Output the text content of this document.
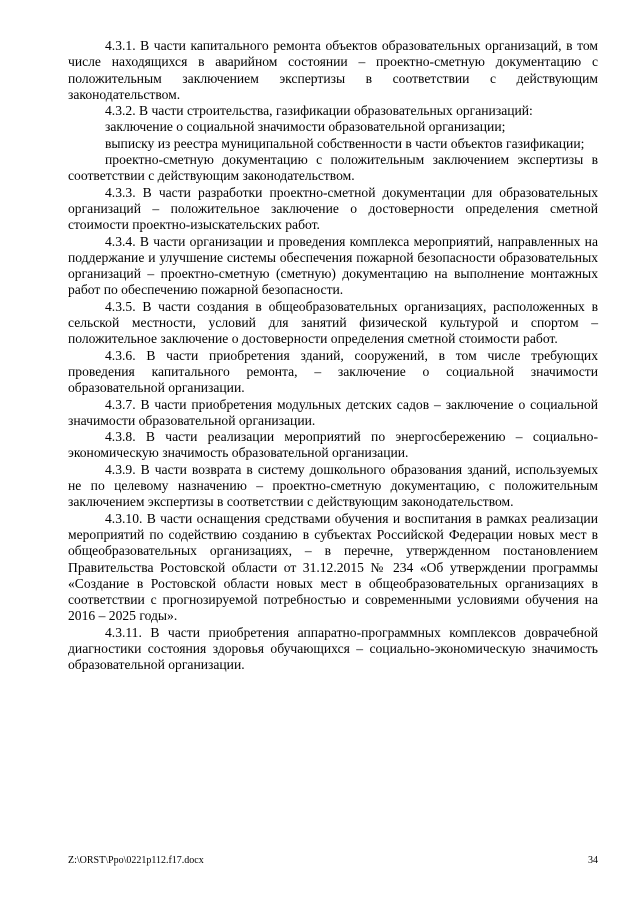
4.3.1. В части капитального ремонта объектов образовательных организаций, в том числе находящихся в аварийном состоянии – проектно-сметную документацию с положительным заключением экспертизы в соответствии с действующим законодательством.

4.3.2. В части строительства, газификации образовательных организаций:

заключение о социальной значимости образовательной организации;

выписку из реестра муниципальной собственности в части объектов газификации;

проектно-сметную документацию с положительным заключением экспертизы в соответствии с действующим законодательством.

4.3.3. В части разработки проектно-сметной документации для образовательных организаций – положительное заключение о достоверности определения сметной стоимости проектно-изыскательских работ.

4.3.4. В части организации и проведения комплекса мероприятий, направленных на поддержание и улучшение системы обеспечения пожарной безопасности образовательных организаций – проектно-сметную (сметную) документацию на выполнение монтажных работ по обеспечению пожарной безопасности.

4.3.5. В части создания в общеобразовательных организациях, расположенных в сельской местности, условий для занятий физической культурой и спортом – положительное заключение о достоверности определения сметной стоимости работ.

4.3.6. В части приобретения зданий, сооружений, в том числе требующих проведения капитального ремонта, – заключение о социальной значимости образовательной организации.

4.3.7. В части приобретения модульных детских садов – заключение о социальной значимости образовательной организации.

4.3.8. В части реализации мероприятий по энергосбережению – социально-экономическую значимость образовательной организации.

4.3.9. В части возврата в систему дошкольного образования зданий, используемых не по целевому назначению – проектно-сметную документацию, с положительным заключением экспертизы в соответствии с действующим законодательством.

4.3.10. В части оснащения средствами обучения и воспитания в рамках реализации мероприятий по содействию созданию в субъектах Российской Федерации новых мест в общеобразовательных организациях, – в перечне, утвержденном постановлением Правительства Ростовской области от 31.12.2015 № 234 «Об утверждении программы «Создание в Ростовской области новых мест в общеобразовательных организациях в соответствии с прогнозируемой потребностью и современными условиями обучения на 2016 – 2025 годы».

4.3.11. В части приобретения аппаратно-программных комплексов доврачебной диагностики состояния здоровья обучающихся – социально-экономическую значимость образовательной организации.

Z:\ORST\Ppo\0221p112.f17.docx	34
